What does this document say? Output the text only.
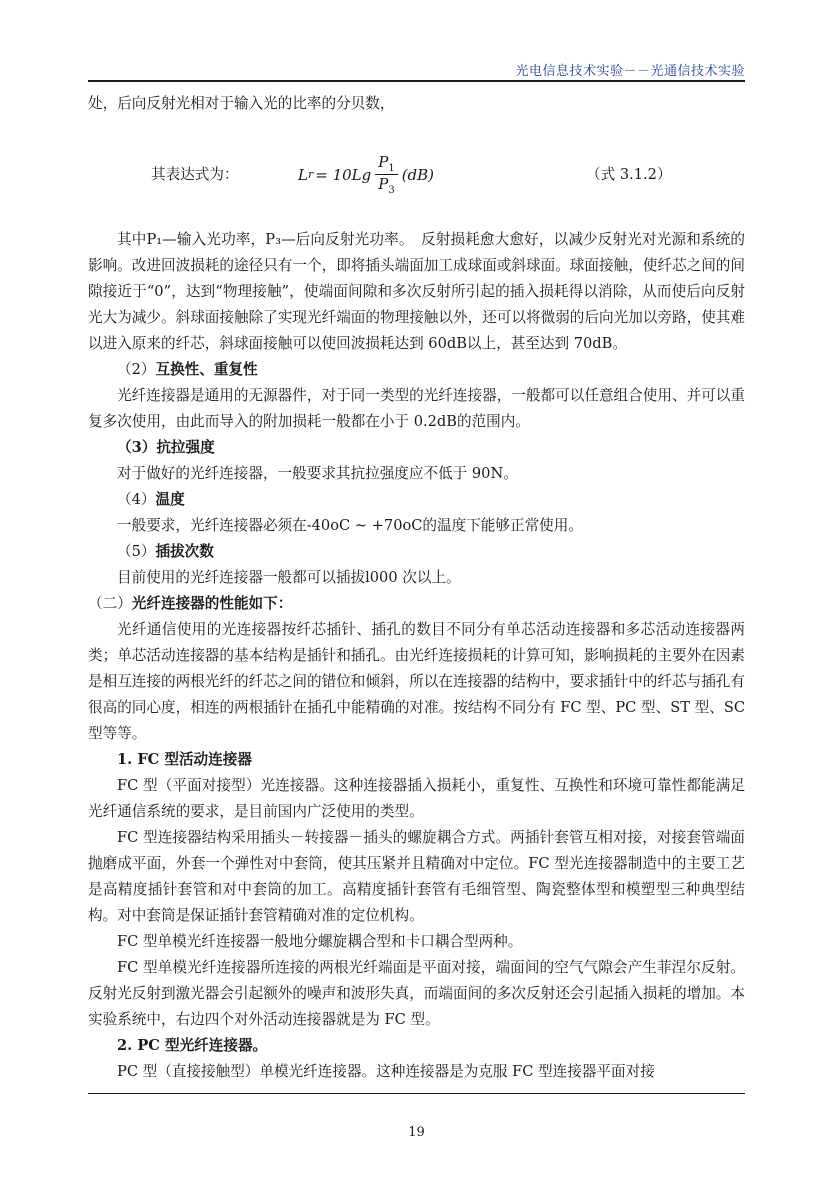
光电信息技术实验－－光通信技术实验

处，后向反射光相对于输入光的比率的分贝数，

其表达式为：	L $r = 10Lg \frac{P_1}{P_3} (dB)$	（式 3.1.2）

其中P₁—输入光功率，P₃—后向反射光功率。　反射损耗愈大愈好，以减少反射光对光源和系统的影响。改进回波损耗的途径只有一个，即将插头端面加工成球面或斜球面。球面接触，使纤芯之间的间隙接近于“0”，达到“物理接触”，使端面间隙和多次反射所引起的插入损耗得以消除，从而使后向反射光大为减少。斜球面接触除了实现光纤端面的物理接触以外，还可以将微弱的后向光加以旁路，使其难以进入原来的纤芯，斜球面接触可以使回波损耗达到 60dB以上，甚至达到 70dB。

（2）互换性、重复性

光纤连接器是通用的无源器件，对于同一类型的光纤连接器，一般都可以任意组合使用、并可以重复多次使用，由此而导入的附加损耗一般都在小于 0.2dB的范围内。

（3）抗拉强度

对于做好的光纤连接器，一般要求其抗拉强度应不低于 90N。

（4）温度

一般要求，光纤连接器必须在-40oC ~ +70oC的温度下能够正常使用。

（5）插拔次数

目前使用的光纤连接器一般都可以插拔l000 次以上。

（二）光纤连接器的性能如下：

光纤通信使用的光连接器按纤芯插针、插孔的数目不同分有单芯活动连接器和多芯活动连接器两类；单芯活动连接器的基本结构是插针和插孔。由光纤连接损耗的计算可知，影响损耗的主要外在因素是相互连接的两根光纤的纤芯之间的错位和倾斜，所以在连接器的结构中，要求插针中的纤芯与插孔有很高的同心度，相连的两根插针在插孔中能精确的对准。按结构不同分有 FC 型、PC 型、ST 型、SC 型等等。

1. FC 型活动连接器

FC 型（平面对接型）光连接器。这种连接器插入损耗小，重复性、互换性和环境可靠性都能满足光纤通信系统的要求，是目前国内广泛使用的类型。

FC 型连接器结构采用插头－转接器－插头的螺旋耦合方式。两插针套管互相对接，对接套管端面抛磨成平面，外套一个弹性对中套筒，使其压紧并且精确对中定位。FC 型光连接器制造中的主要工艺是高精度插针套管和对中套筒的加工。高精度插针套管有毛细管型、陶瓷整体型和模塑型三种典型结构。对中套筒是保证插针套管精确对准的定位机构。

FC 型单模光纤连接器一般地分螺旋耦合型和卡口耦合型两种。

FC 型单模光纤连接器所连接的两根光纤端面是平面对接，端面间的空气气隙会产生菲涅尔反射。反射光反射到激光器会引起额外的噪声和波形失真，而端面间的多次反射还会引起插入损耗的增加。本实验系统中，右边四个对外活动连接器就是为 FC 型。

2. PC 型光纤连接器。

PC 型（直接接触型）单模光纤连接器。这种连接器是为克服 FC 型连接器平面对接

19
